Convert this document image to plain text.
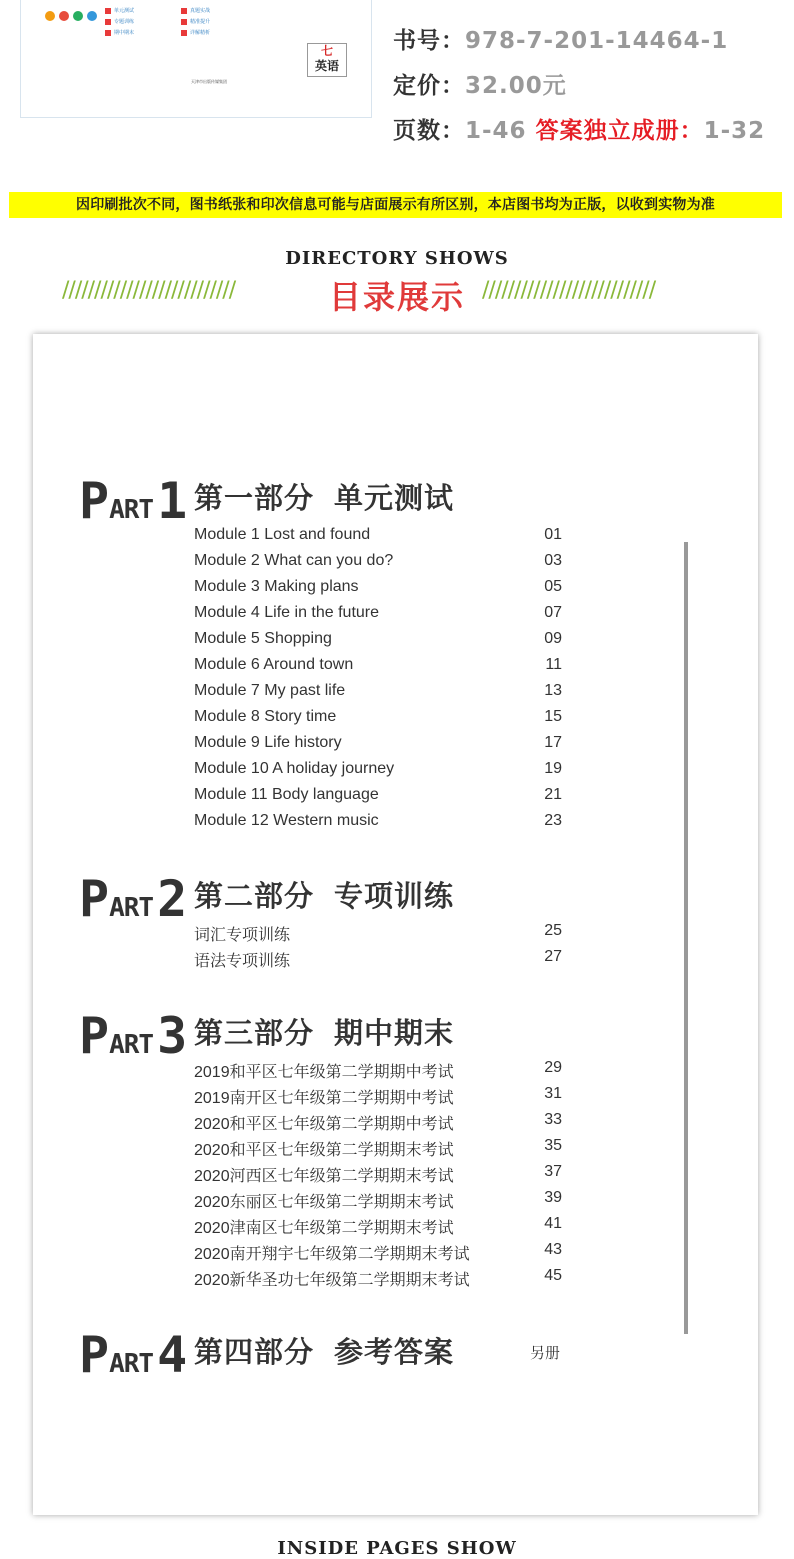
单元测试
专题训练
期中期末
真题实战
精准提升
详解精析
七
英语
天津市出版传媒集团
书号：978-7-201-14464-1
定价：32.00元
页数：1-46 答案独立成册：1-32
因印刷批次不同，图书纸张和印次信息可能与店面展示有所区别，本店图书均为正版，以收到实物为准
DIRECTORY SHOWS
///////////////////////////	目录展示 ///////////////////////////
PART1 第一部分 单元测试
Module 1 Lost and found	01
Module 2 What can you do?	03
Module 3 Making plans	05
Module 4 Life in the future	07
Module 5 Shopping	09
Module 6 Around town	11
Module 7 My past life	13
Module 8 Story time	15
Module 9 Life history	17
Module 10 A holiday journey	19
Module 11 Body language	21
Module 12 Western music	23
PART2 第二部分 专项训练
词汇专项训练	25
语法专项训练	27
PART3 第三部分 期中期末
2019和平区七年级第二学期期中考试	29
2019南开区七年级第二学期期中考试	31
2020和平区七年级第二学期期中考试	33
2020和平区七年级第二学期期末考试	35
2020河西区七年级第二学期期末考试	37
2020东丽区七年级第二学期期末考试	39
2020津南区七年级第二学期期末考试	41
2020南开翔宇七年级第二学期期末考试	43
2020新华圣功七年级第二学期期末考试	45
PART4 第四部分 参考答案	另册
INSIDE PAGES SHOW
